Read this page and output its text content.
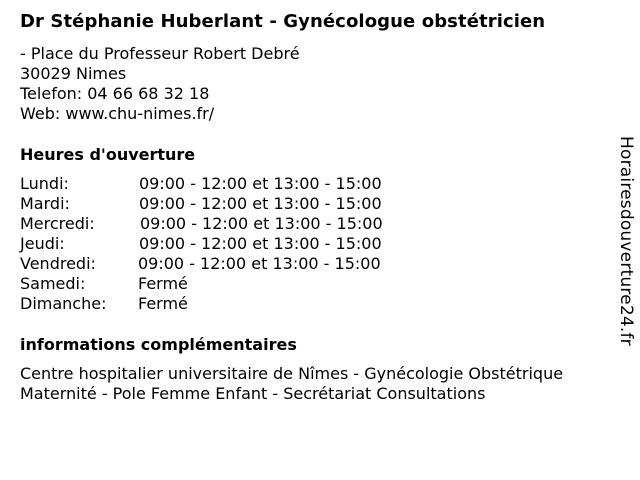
Dr Stéphanie Huberlant - Gynécologue obstétricien
- Place du Professeur Robert Debré
30029 Nimes
Telefon: 04 66 68 32 18
Web: www.chu-nimes.fr/
Heures d'ouverture
Lundi:	09:00 - 12:00 et 13:00 - 15:00
Mardi:	09:00 - 12:00 et 13:00 - 15:00
Mercredi:	09:00 - 12:00 et 13:00 - 15:00
Jeudi:	09:00 - 12:00 et 13:00 - 15:00
Vendredi:	09:00 - 12:00 et 13:00 - 15:00
Samedi:	Fermé
Dimanche: Fermé
informations complémentaires
Centre hospitalier universitaire de Nîmes - Gynécologie Obstétrique
Maternité - Pole Femme Enfant - Secrétariat Consultations
Horairesdouverture24.fr
